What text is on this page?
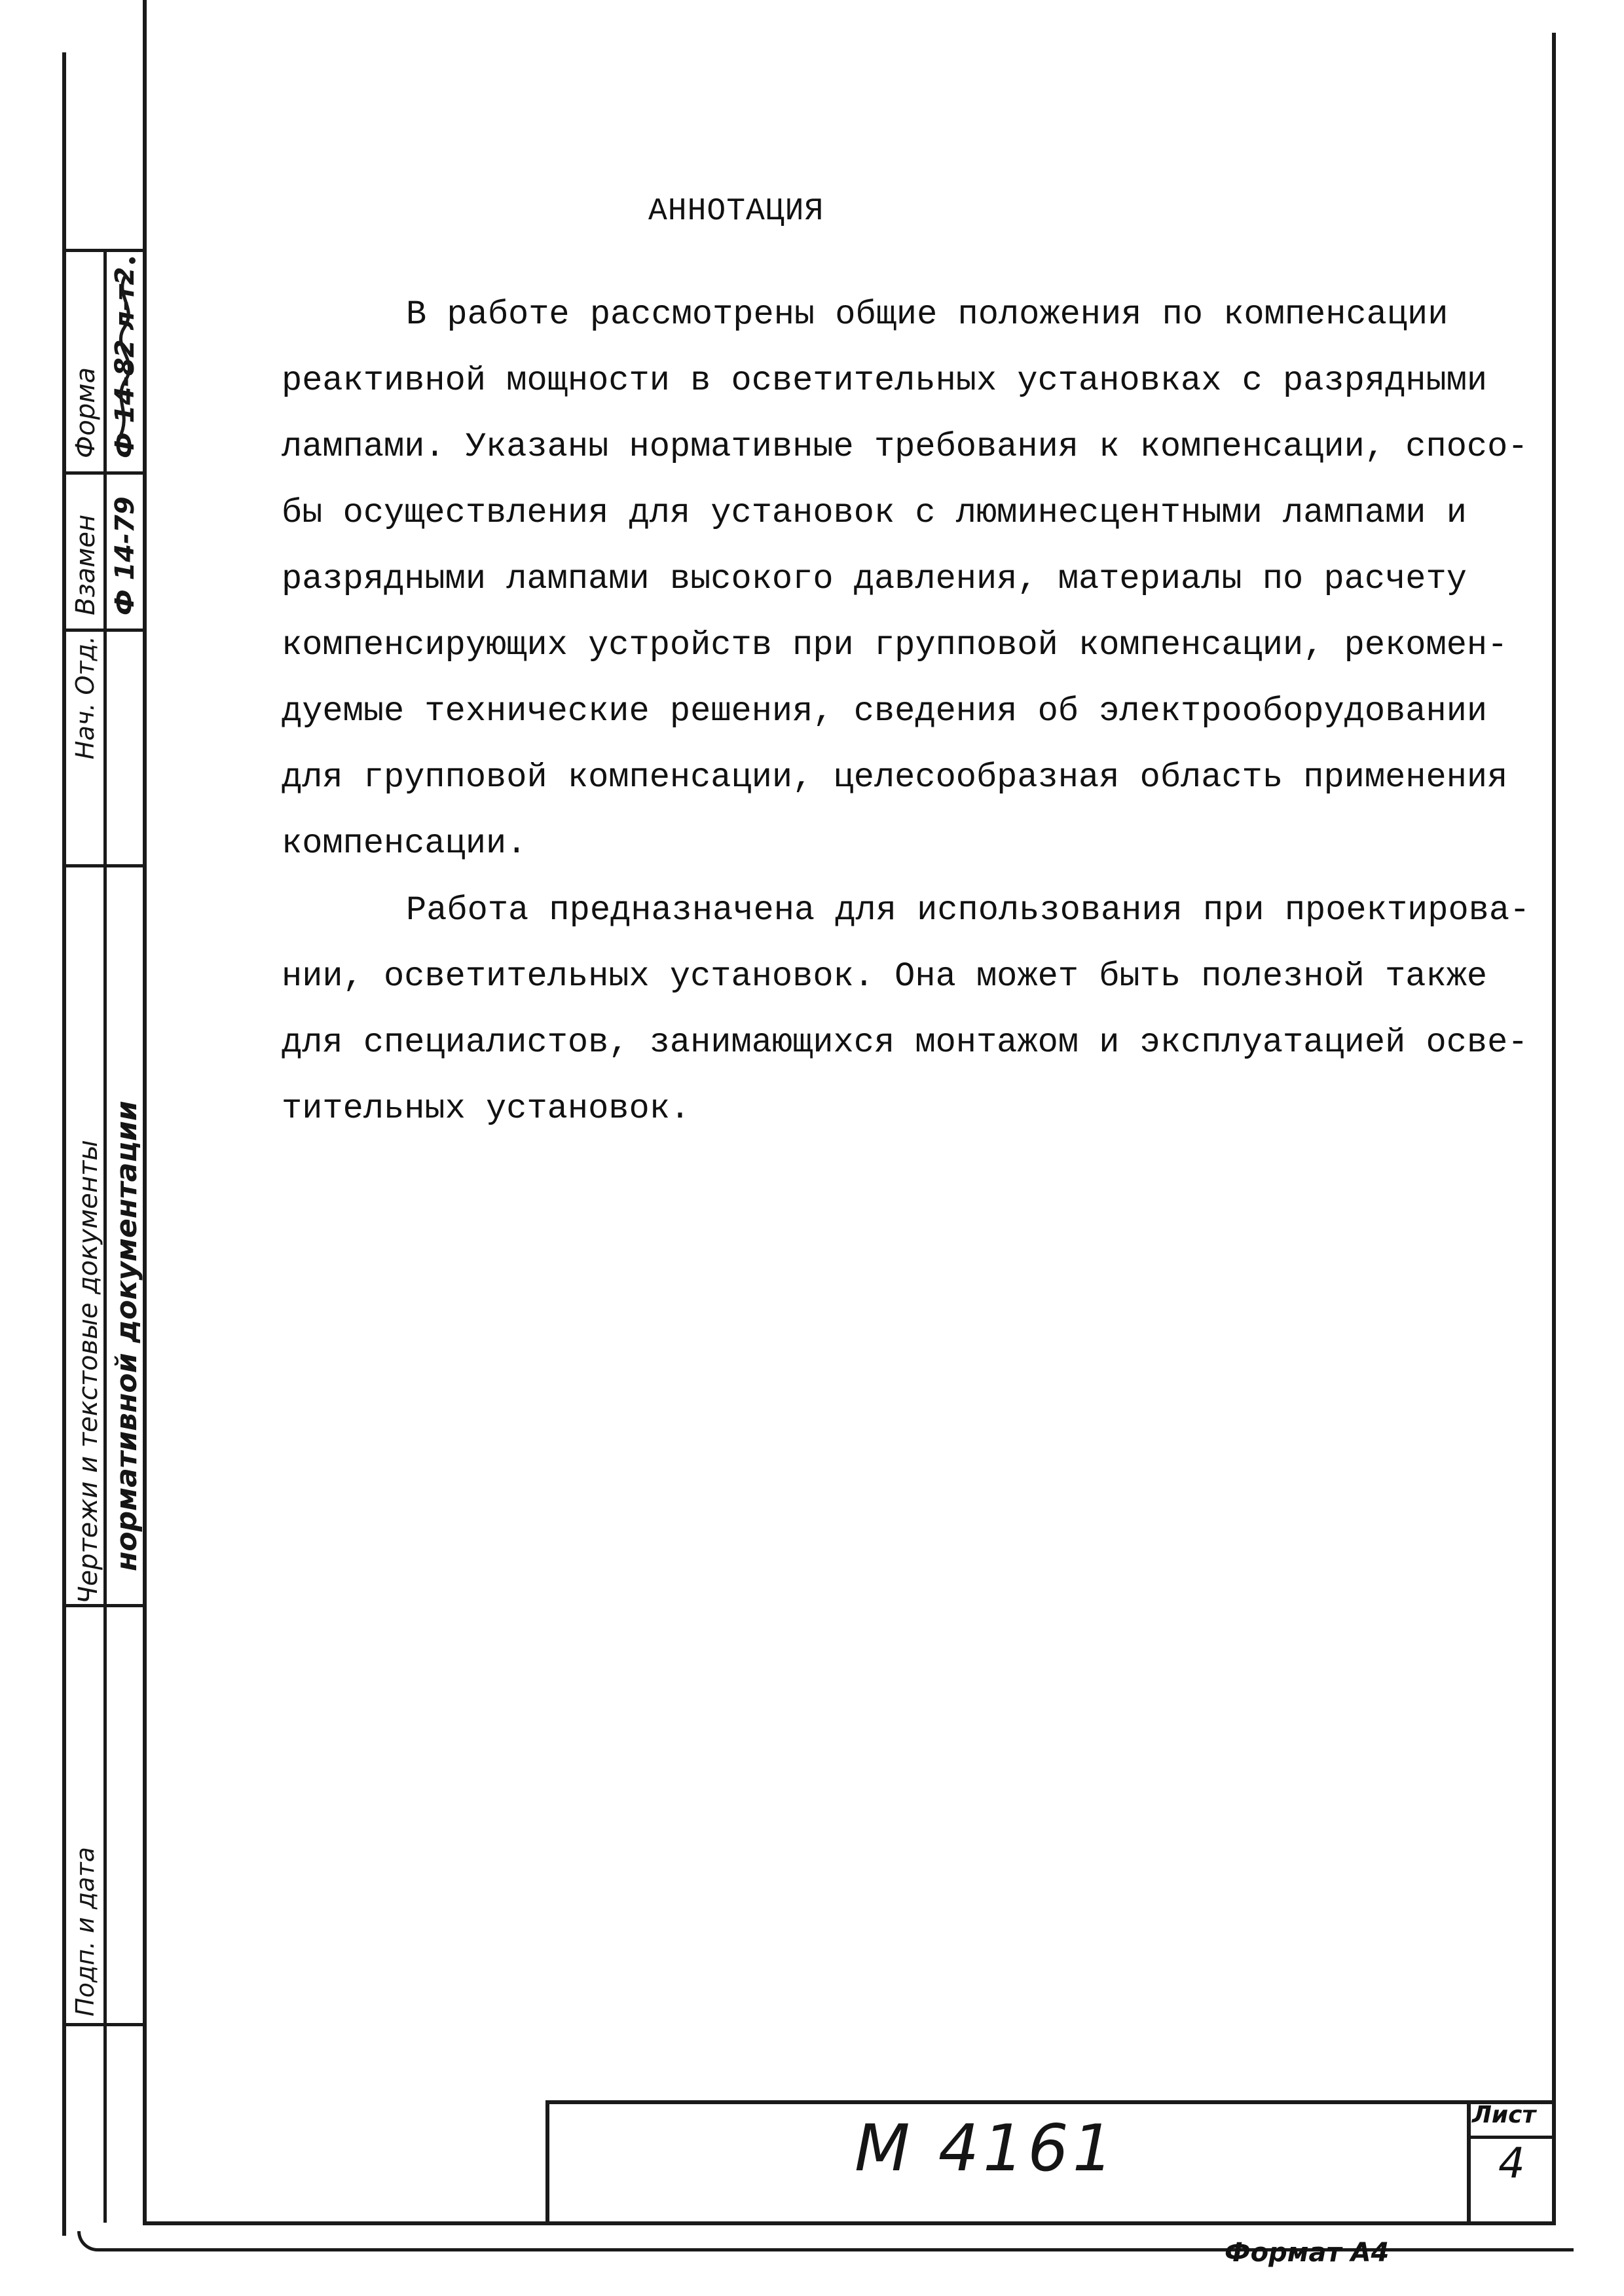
Форма Ф 14-82 л-т2
Взамен Ф 14-79
Нач. Отд.
Чертежи и текстовые документы нормативной документации
Подп. и дата
АННОТАЦИЯ
В работе рассмотрены общие положения по компенсации
реактивной мощности в осветительных установках с разрядными
лампами. Указаны нормативные требования к компенсации, спосо-
бы осуществления для установок с люминесцентными лампами и
разрядными лампами высокого давления, материалы по расчету
компенсирующих устройств при групповой компенсации, рекомен-
дуемые технические решения, сведения об электрооборудовании
для групповой компенсации, целесообразная область применения
компенсации.
Работа предназначена для использования при проектирова-
нии, осветительных установок. Она может быть полезной также
для специалистов, занимающихся монтажом и эксплуатацией осве-
тительных установок.
М 4161	Лист
4
Формат А4
